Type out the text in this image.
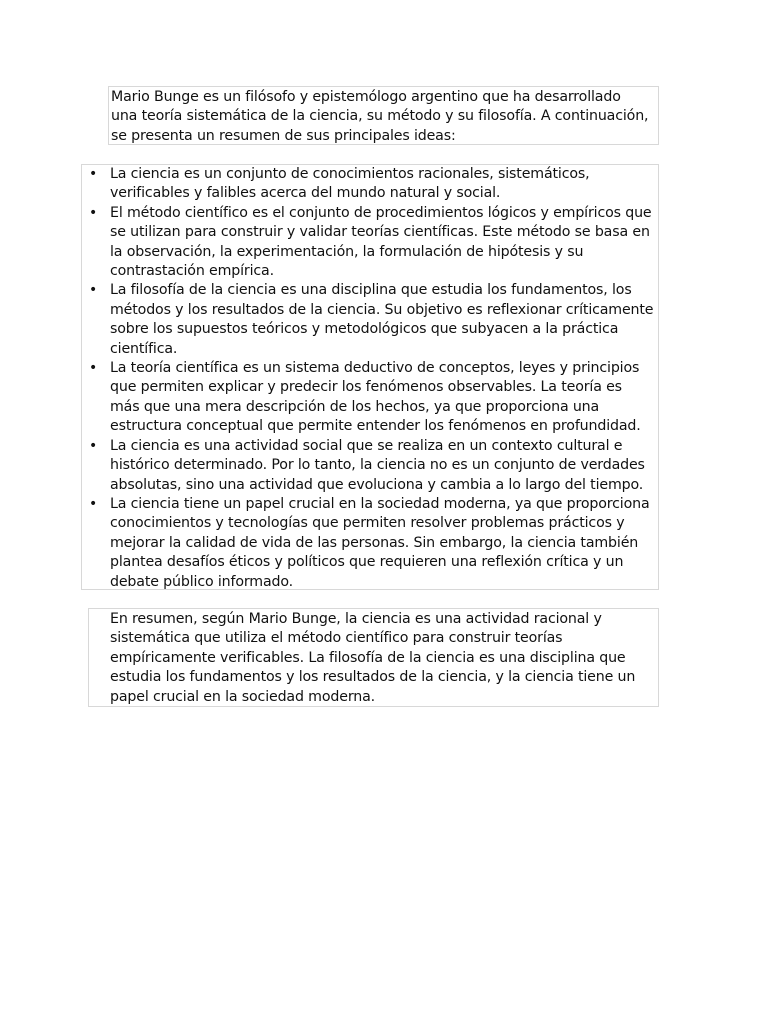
Mario Bunge es un filósofo y epistemólogo argentino que ha desarrollado una teoría sistemática de la ciencia, su método y su filosofía. A continuación, se presenta un resumen de sus principales ideas:

• La ciencia es un conjunto de conocimientos racionales, sistemáticos, verificables y falibles acerca del mundo natural y social.
• El método científico es el conjunto de procedimientos lógicos y empíricos que se utilizan para construir y validar teorías científicas. Este método se basa en la observación, la experimentación, la formulación de hipótesis y su contrastación empírica.
• La filosofía de la ciencia es una disciplina que estudia los fundamentos, los métodos y los resultados de la ciencia. Su objetivo es reflexionar críticamente sobre los supuestos teóricos y metodológicos que subyacen a la práctica científica.
• La teoría científica es un sistema deductivo de conceptos, leyes y principios que permiten explicar y predecir los fenómenos observables. La teoría es más que una mera descripción de los hechos, ya que proporciona una estructura conceptual que permite entender los fenómenos en profundidad.
• La ciencia es una actividad social que se realiza en un contexto cultural e histórico determinado. Por lo tanto, la ciencia no es un conjunto de verdades absolutas, sino una actividad que evoluciona y cambia a lo largo del tiempo.
• La ciencia tiene un papel crucial en la sociedad moderna, ya que proporciona conocimientos y tecnologías que permiten resolver problemas prácticos y mejorar la calidad de vida de las personas. Sin embargo, la ciencia también plantea desafíos éticos y políticos que requieren una reflexión crítica y un debate público informado.

En resumen, según Mario Bunge, la ciencia es una actividad racional y sistemática que utiliza el método científico para construir teorías empíricamente verificables. La filosofía de la ciencia es una disciplina que estudia los fundamentos y los resultados de la ciencia, y la ciencia tiene un papel crucial en la sociedad moderna.
